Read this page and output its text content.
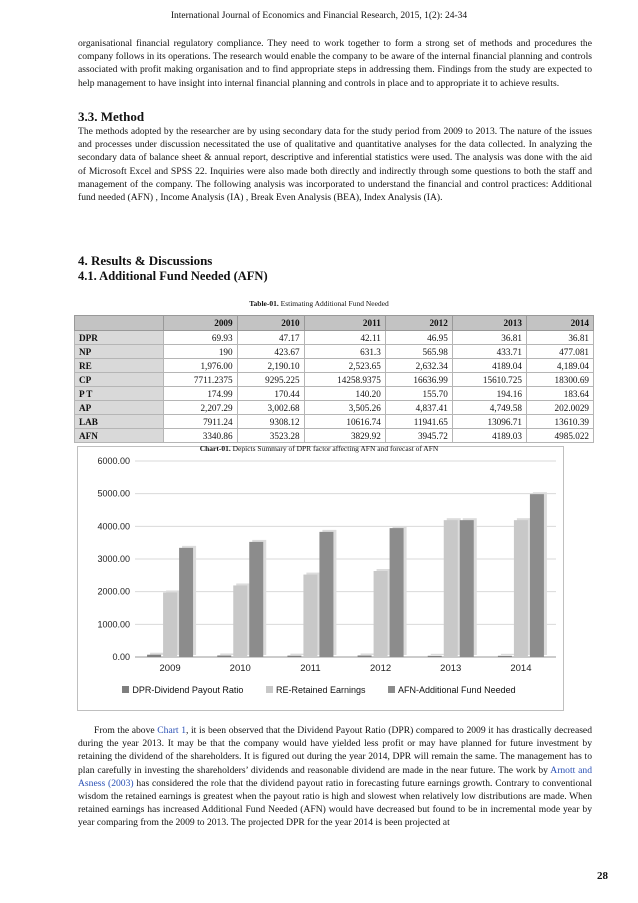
International Journal of Economics and Financial Research, 2015, 1(2): 24-34

organisational financial regulatory compliance. They need to work together to form a strong set of methods and procedures the company follows in its operations. The research would enable the company to be aware of the internal financial planning and controls associated with profit making organisation and to find appropriate steps in addressing them. Findings from the study are expected to help management to have insight into internal financial planning and controls in place and to appropriate it to achieve results.

3.3. Method

The methods adopted by the researcher are by using secondary data for the study period from 2009 to 2013. The nature of the issues and processes under discussion necessitated the use of qualitative and quantitative analyses for the data collected. In analyzing the secondary data of balance sheet & annual report, descriptive and inferential statistics were used. The analysis was done with the aid of Microsoft Excel and SPSS 22. Inquiries were also made both directly and indirectly through some questions to both the staff and management of the company. The following analysis was incorporated to understand the financial and control practices: Additional fund needed (AFN) , Income Analysis (IA) , Break Even Analysis (BEA), Index Analysis (IA).

4. Results & Discussions
4.1. Additional Fund Needed (AFN)
Table-01. Estimating Additional Fund Needed
	2009	2010	2011	2012	2013	2014
DPR	69.93	47.17	42.11	46.95	36.81	36.81
NP	190	423.67	631.3	565.98	433.71	477.081
RE	1,976.00	2,190.10	2,523.65	2,632.34	4189.04	4,189.04
CP	7711.2375	9295.225	14258.9375	16636.99	15610.725	18300.69
P T	174.99	170.44	140.20	155.70	194.16	183.64
AP	2,207.29	3,002.68	3,505.26	4,837.41	4,749.58	202.0029
LAB	7911.24	9308.12	10616.74	11941.65	13096.71	13610.39
AFN	3340.86	3523.28	3829.92	3945.72	4189.03	4985.022
Chart-01. Depicts Summary of DPR factor affecting AFN and forecast of AFN
0.00
1000.00
2000.00
3000.00
4000.00
5000.00
6000.00
2009	2010	2011	2012	2013	2014
DPR-Dividend Payout Ratio	RE-Retained Earnings	AFN-Additional Fund Needed

From the above Chart 1, it is been observed that the Dividend Payout Ratio (DPR) compared to 2009 it has drastically decreased during the year 2013. It may be that the company would have yielded less profit or may have planned for future investment by retaining the dividend of the shareholders. It is figured out during the year 2014, DPR will remain the same. The management has to plan carefully in investing the shareholders’ dividends and reasonable dividend are made in the near future. The work by Arnott and Asness (2003) has considered the role that the dividend payout ratio in forecasting future earnings growth. Contrary to conventional wisdom the retained earnings is greatest when the payout ratio is high and slowest when relatively low distributions are made. When retained earnings has increased Additional Fund Needed (AFN) would have decreased but found to be in incremental mode year by year comparing from the 2009 to 2013. The projected DPR for the year 2014 is been projected at

28
